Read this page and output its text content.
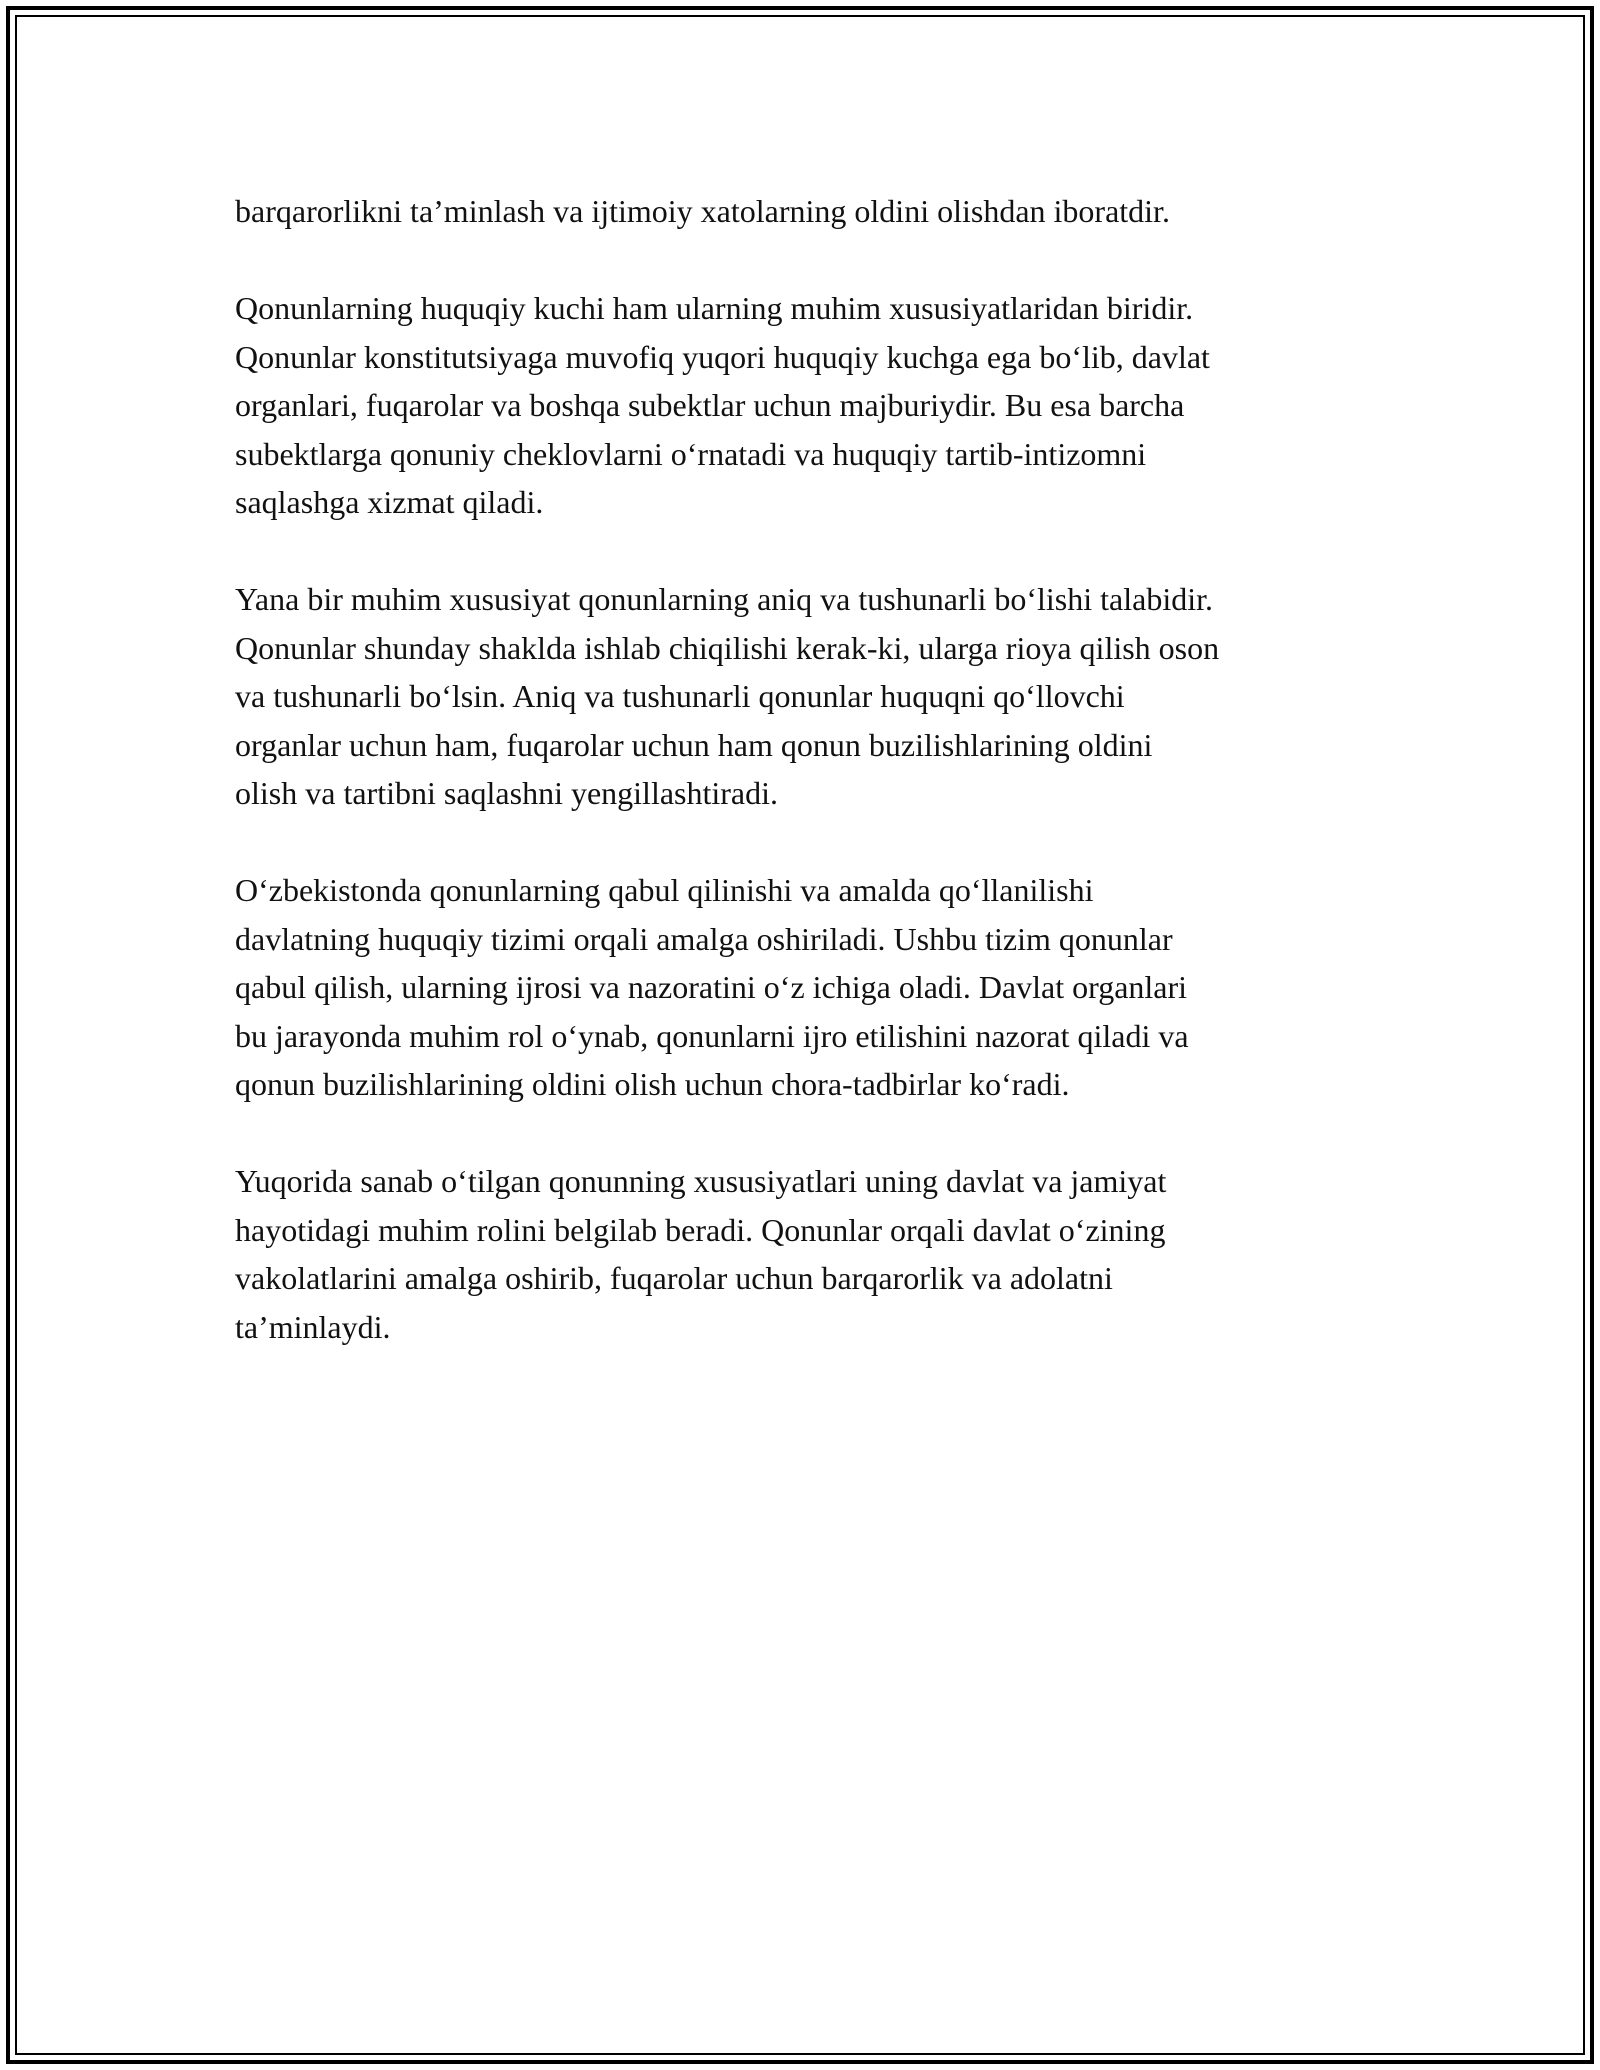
barqarorlikni ta’minlash va ijtimoiy xatolarning oldini olishdan iboratdir.

Qonunlarning huquqiy kuchi ham ularning muhim xususiyatlaridan biridir.
Qonunlar konstitutsiyaga muvofiq yuqori huquqiy kuchga ega boʻlib, davlat
organlari, fuqarolar va boshqa subektlar uchun majburiydir. Bu esa barcha
subektlarga qonuniy cheklovlarni oʻrnatadi va huquqiy tartib-intizomni
saqlashga xizmat qiladi.

Yana bir muhim xususiyat qonunlarning aniq va tushunarli boʻlishi talabidir.
Qonunlar shunday shaklda ishlab chiqilishi kerak-ki, ularga rioya qilish oson
va tushunarli boʻlsin. Aniq va tushunarli qonunlar huquqni qoʻllovchi
organlar uchun ham, fuqarolar uchun ham qonun buzilishlarining oldini
olish va tartibni saqlashni yengillashtiradi.

Oʻzbekistonda qonunlarning qabul qilinishi va amalda qoʻllanilishi
davlatning huquqiy tizimi orqali amalga oshiriladi. Ushbu tizim qonunlar
qabul qilish, ularning ijrosi va nazoratini oʻz ichiga oladi. Davlat organlari
bu jarayonda muhim rol oʻynab, qonunlarni ijro etilishini nazorat qiladi va
qonun buzilishlarining oldini olish uchun chora-tadbirlar koʻradi.

Yuqorida sanab oʻtilgan qonunning xususiyatlari uning davlat va jamiyat
hayotidagi muhim rolini belgilab beradi. Qonunlar orqali davlat oʻzining
vakolatlarini amalga oshirib, fuqarolar uchun barqarorlik va adolatni
ta’minlaydi.
